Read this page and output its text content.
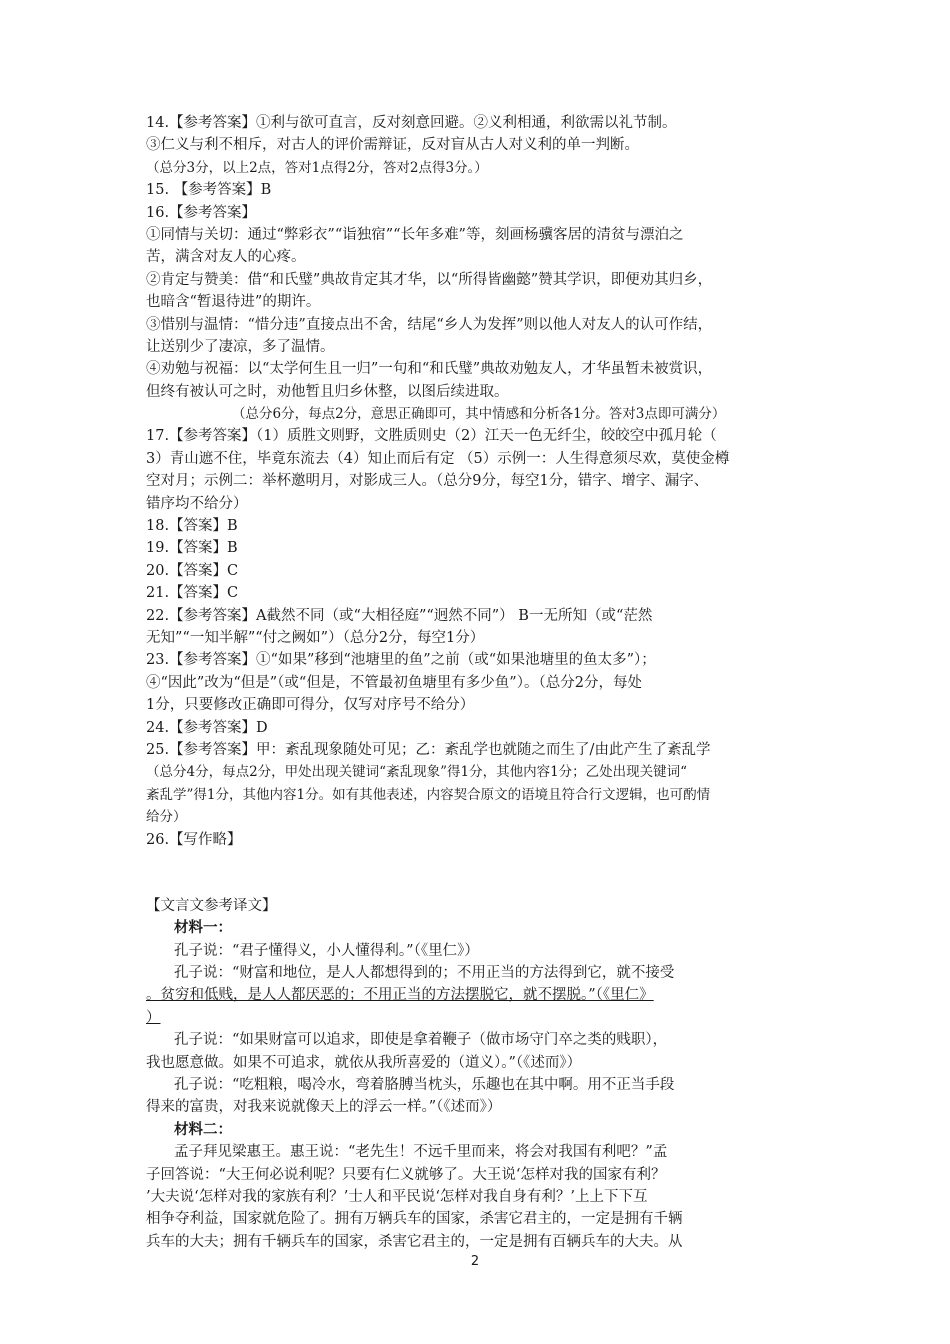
14.【参考答案】①利与欲可直言，反对刻意回避。②义利相通，利欲需以礼节制。
③仁义与利不相斥，对古人的评价需辩证，反对盲从古人对义利的单一判断。
（总分3分，以上2点，答对1点得2分，答对2点得3分。）
15. 【参考答案】B
16.【参考答案】
①同情与关切：通过“弊彩衣”“诣独宿”“长年多难”等，刻画杨骥客居的清贫与漂泊之
苦，满含对友人的心疼。
②肯定与赞美：借“和氏璧”典故肯定其才华，以“所得皆幽懿”赞其学识，即便劝其归乡，
也暗含“暂退待进”的期许。
③惜别与温情：“惜分违”直接点出不舍，结尾“乡人为发挥”则以他人对友人的认可作结，
让送别少了凄凉，多了温情。
④劝勉与祝福：以“太学何生且一归”一句和“和氏璧”典故劝勉友人，才华虽暂未被赏识，
但终有被认可之时，劝他暂且归乡休整，以图后续进取。
（总分6分，每点2分，意思正确即可，其中情感和分析各1分。答对3点即可满分）
17.【参考答案】（1）质胜文则野，文胜质则史（2）江天一色无纤尘，皎皎空中孤月轮（
3）青山遮不住，毕竟东流去（4）知止而后有定 （5）示例一：人生得意须尽欢，莫使金樽
空对月；示例二：举杯邀明月，对影成三人。（总分9分，每空1分，错字、增字、漏字、
错序均不给分）
18.【答案】B
19.【答案】B
20.【答案】C
21.【答案】C
22.【参考答案】A截然不同（或“大相径庭”“迥然不同”） B一无所知（或“茫然
无知”“一知半解”“付之阙如”）（总分2分，每空1分）
23.【参考答案】①“如果”移到“池塘里的鱼”之前（或“如果池塘里的鱼太多”）；
④“因此”改为“但是”（或“但是，不管最初鱼塘里有多少鱼”）。（总分2分，每处
1分，只要修改正确即可得分，仅写对序号不给分）
24.【参考答案】D
25.【参考答案】甲：紊乱现象随处可见；乙：紊乱学也就随之而生了/由此产生了紊乱学
（总分4分，每点2分，甲处出现关键词“紊乱现象”得1分，其他内容1分；乙处出现关键词“
紊乱学”得1分，其他内容1分。如有其他表述，内容契合原文的语境且符合行文逻辑，也可酌情
给分）
26.【写作略】
【文言文参考译文】
材料一：
孔子说：“君子懂得义，小人懂得利。”（《里仁》）
孔子说：“财富和地位，是人人都想得到的；不用正当的方法得到它，就不接受
。贫穷和低贱，是人人都厌恶的；不用正当的方法摆脱它，就不摆脱。”（《里仁》
）
孔子说：“如果财富可以追求，即使是拿着鞭子（做市场守门卒之类的贱职），
我也愿意做。如果不可追求，就依从我所喜爱的（道义）。”（《述而》）
孔子说：“吃粗粮，喝冷水，弯着胳膊当枕头，乐趣也在其中啊。用不正当手段
得来的富贵，对我来说就像天上的浮云一样。”（《述而》）
材料二：
孟子拜见梁惠王。惠王说：“老先生！不远千里而来，将会对我国有利吧？”孟
子回答说：“大王何必说利呢？只要有仁义就够了。大王说‘怎样对我的国家有利？
’大夫说‘怎样对我的家族有利？’士人和平民说‘怎样对我自身有利？’上上下下互
相争夺利益，国家就危险了。拥有万辆兵车的国家，杀害它君主的，一定是拥有千辆
兵车的大夫；拥有千辆兵车的国家，杀害它君主的，一定是拥有百辆兵车的大夫。从
2
